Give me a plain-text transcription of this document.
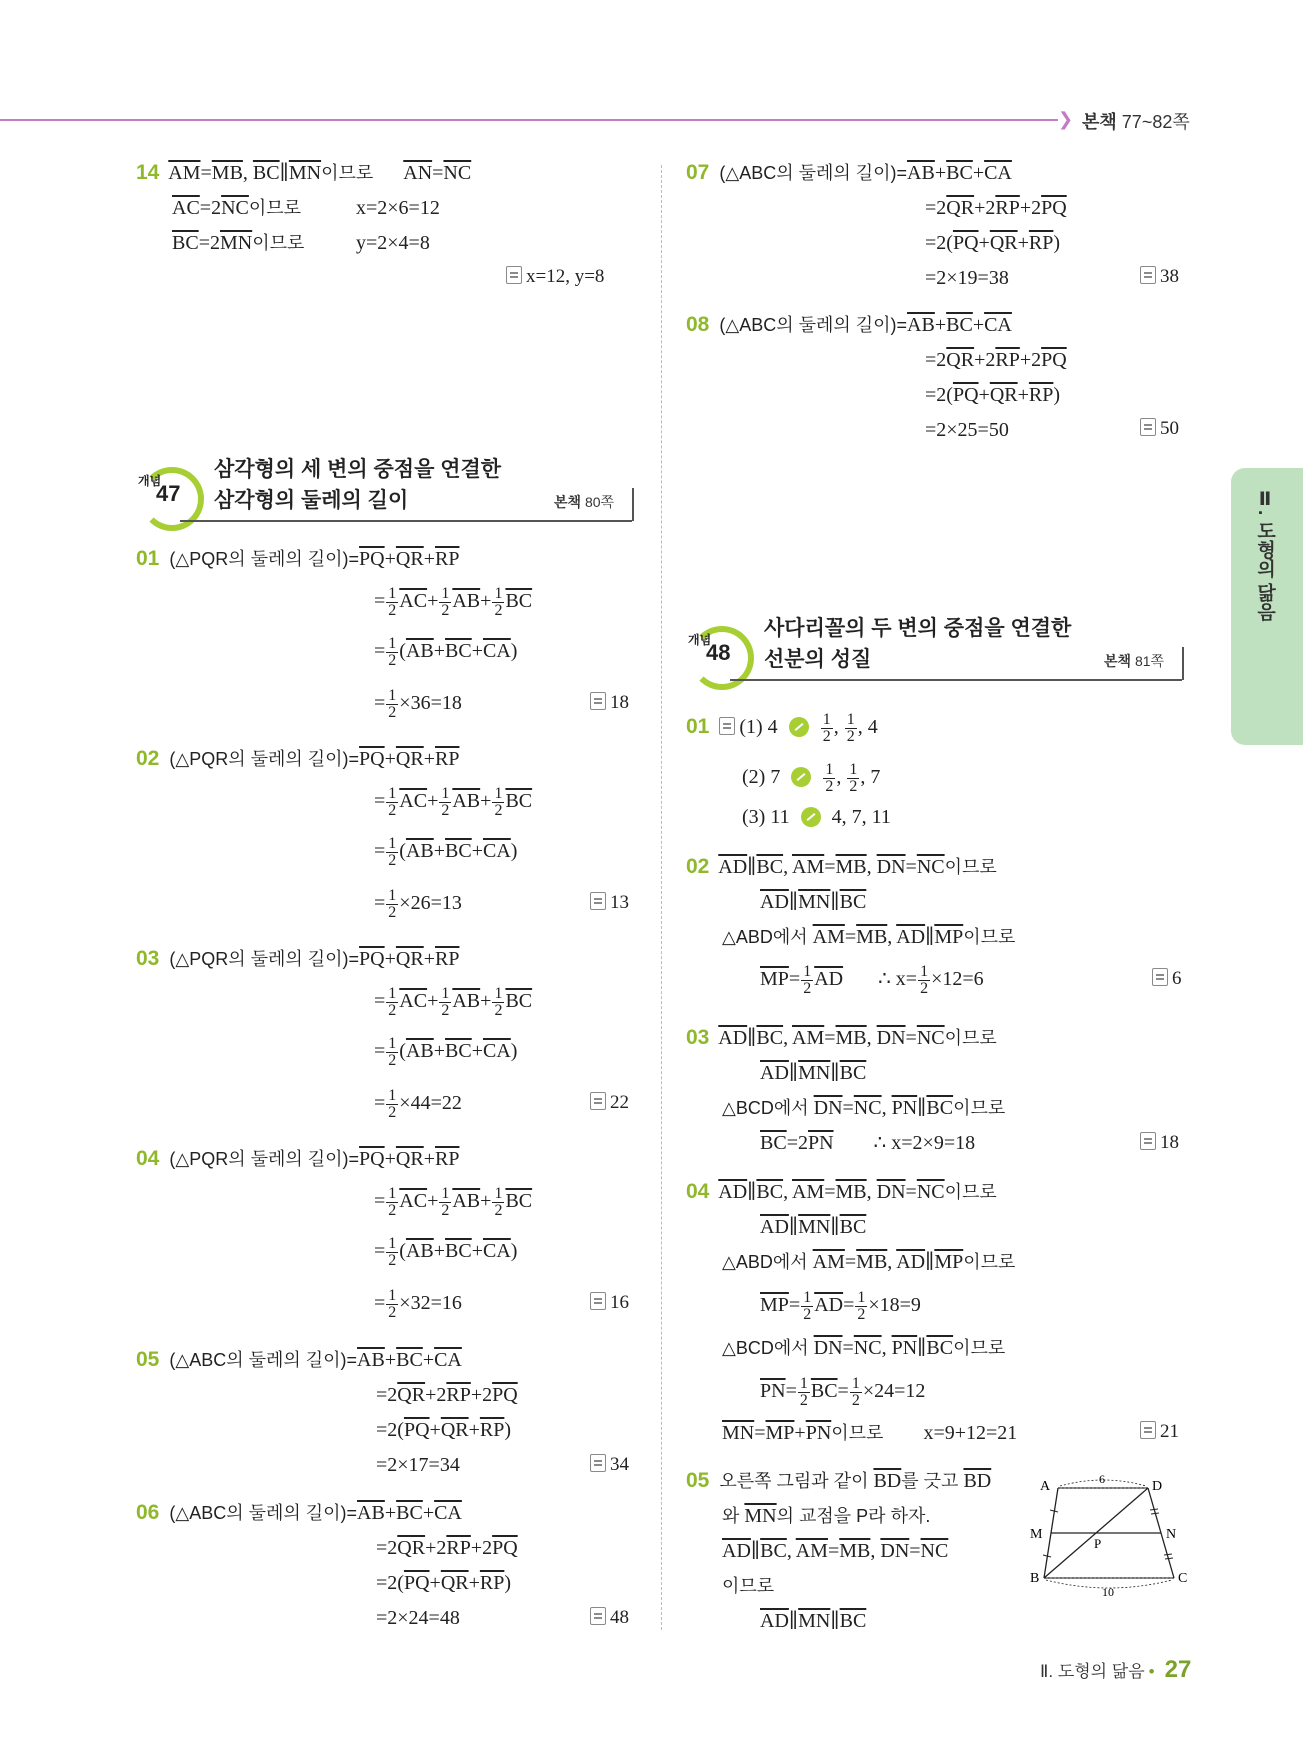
❯ 본책 77~82쪽
Ⅱ. 도형의 닮음
14 $\overline{AM}=\overline{MB}$, $\overline{BC}\parallel\overline{MN}$이므로 $\overline{AN}=\overline{NC}$
$\overline{AC}=2\overline{NC}$이므로	x=2×6=12
$\overline{BC}=2\overline{MN}$이므로	y=2×4=8
x=12, y=8
개념
47
삼각형의 세 변의 중점을 연결한
삼각형의 둘레의 길이	본책 80쪽
01 (△PQR의 둘레의 길이)$=\overline{PQ}+\overline{QR}+\overline{RP}$
= $\frac{1}{2} \overline{AC}+ \frac{1}{2} \overline{AB}+ \frac{1}{2} \overline{BC}$
= $\frac{1}{2} (\overline{AB}+\overline{BC}+\overline{CA})$
= $\frac{1}{2} \times 36=18$	18
02 (△PQR의 둘레의 길이)$=\overline{PQ}+\overline{QR}+\overline{RP}$
= $\frac{1}{2} \overline{AC}+ \frac{1}{2} \overline{AB}+ \frac{1}{2} \overline{BC}$
= $\frac{1}{2} (\overline{AB}+\overline{BC}+\overline{CA})$
= $\frac{1}{2} \times 26=13$	13
03 (△PQR의 둘레의 길이)$=\overline{PQ}+\overline{QR}+\overline{RP}$
= $\frac{1}{2} \overline{AC}+ \frac{1}{2} \overline{AB}+ \frac{1}{2} \overline{BC}$
= $\frac{1}{2} (\overline{AB}+\overline{BC}+\overline{CA})$
= $\frac{1}{2} \times 44=22$	22
04 (△PQR의 둘레의 길이)$=\overline{PQ}+\overline{QR}+\overline{RP}$
= $\frac{1}{2} \overline{AC}+ \frac{1}{2} \overline{AB}+ \frac{1}{2} \overline{BC}$
= $\frac{1}{2} (\overline{AB}+\overline{BC}+\overline{CA})$
= $\frac{1}{2} \times 32=16$	16
05 (△ABC의 둘레의 길이)$=\overline{AB}+\overline{BC}+\overline{CA}$
$=2\overline{QR}+2\overline{RP}+2\overline{PQ}$
$=2(\overline{PQ}+\overline{QR}+\overline{RP})$
=2×17=34	34
06 (△ABC의 둘레의 길이)$=\overline{AB}+\overline{BC}+\overline{CA}$
$=2\overline{QR}+2\overline{RP}+2\overline{PQ}$
$=2(\overline{PQ}+\overline{QR}+\overline{RP})$
=2×24=48	48
07 (△ABC의 둘레의 길이)$=\overline{AB}+\overline{BC}+\overline{CA}$
$=2\overline{QR}+2\overline{RP}+2\overline{PQ}$
$=2(\overline{PQ}+\overline{QR}+\overline{RP})$
=2×19=38	38
08 (△ABC의 둘레의 길이)$=\overline{AB}+\overline{BC}+\overline{CA}$
$=2\overline{QR}+2\overline{RP}+2\overline{PQ}$
$=2(\overline{PQ}+\overline{QR}+\overline{RP})$
=2×25=50	50
개념
48
사다리꼴의 두 변의 중점을 연결한
선분의 성질	본책 81쪽
01 (1) 4	$\frac{1}{2}$ , $\frac{1}{2}$ , 4
(2) 7	$\frac{1}{2}$ , $\frac{1}{2}$ , 7
(3) 11 4, 7, 11
02 $\overline{AD}\parallel\overline{BC}$, $\overline{AM}=\overline{MB}$, $\overline{DN}=\overline{NC}$이므로
$\overline{AD}\parallel\overline{MN}\parallel\overline{BC}$
△ABD에서 $\overline{AM}=\overline{MB}$, $\overline{AD}\parallel\overline{MP}$이므로
$\overline{MP}= \frac{1}{2} \overline{AD}$ ∴ $x= \frac{1}{2} \times 12=6$	6
03 $\overline{AD}\parallel\overline{BC}$, $\overline{AM}=\overline{MB}$, $\overline{DN}=\overline{NC}$이므로
$\overline{AD}\parallel\overline{MN}\parallel\overline{BC}$
△BCD에서 $\overline{DN}=\overline{NC}$, $\overline{PN}\parallel\overline{BC}$이므로
$\overline{BC}=2\overline{PN}$ ∴ x=2×9=18	18
04 $\overline{AD}\parallel\overline{BC}$, $\overline{AM}=\overline{MB}$, $\overline{DN}=\overline{NC}$이므로
$\overline{AD}\parallel\overline{MN}\parallel\overline{BC}$
△ABD에서 $\overline{AM}=\overline{MB}$, $\overline{AD}\parallel\overline{MP}$이므로
$\overline{MP}= \frac{1}{2} \overline{AD}= \frac{1}{2} \times 18=9$
△BCD에서 $\overline{DN}=\overline{NC}$, $\overline{PN}\parallel\overline{BC}$이므로
$\overline{PN}= \frac{1}{2} \overline{BC}= \frac{1}{2} \times 24=12$
$\overline{MN}=\overline{MP}+\overline{PN}$이므로 x=9+12=21	21
05 오른쪽 그림과 같이 $\overline{BD}$를 긋고 $\overline{BD}$
와 $\overline{MN}$의 교점을 P라 하자.
$\overline{AD}\parallel\overline{BC}$, $\overline{AM}=\overline{MB}$, $\overline{DN}=\overline{NC}$
이므로
$\overline{AD}\parallel\overline{MN}\parallel\overline{BC}$
A	D
M	N
P
B	C
6
10
Ⅱ. 도형의 닮음 • 27
